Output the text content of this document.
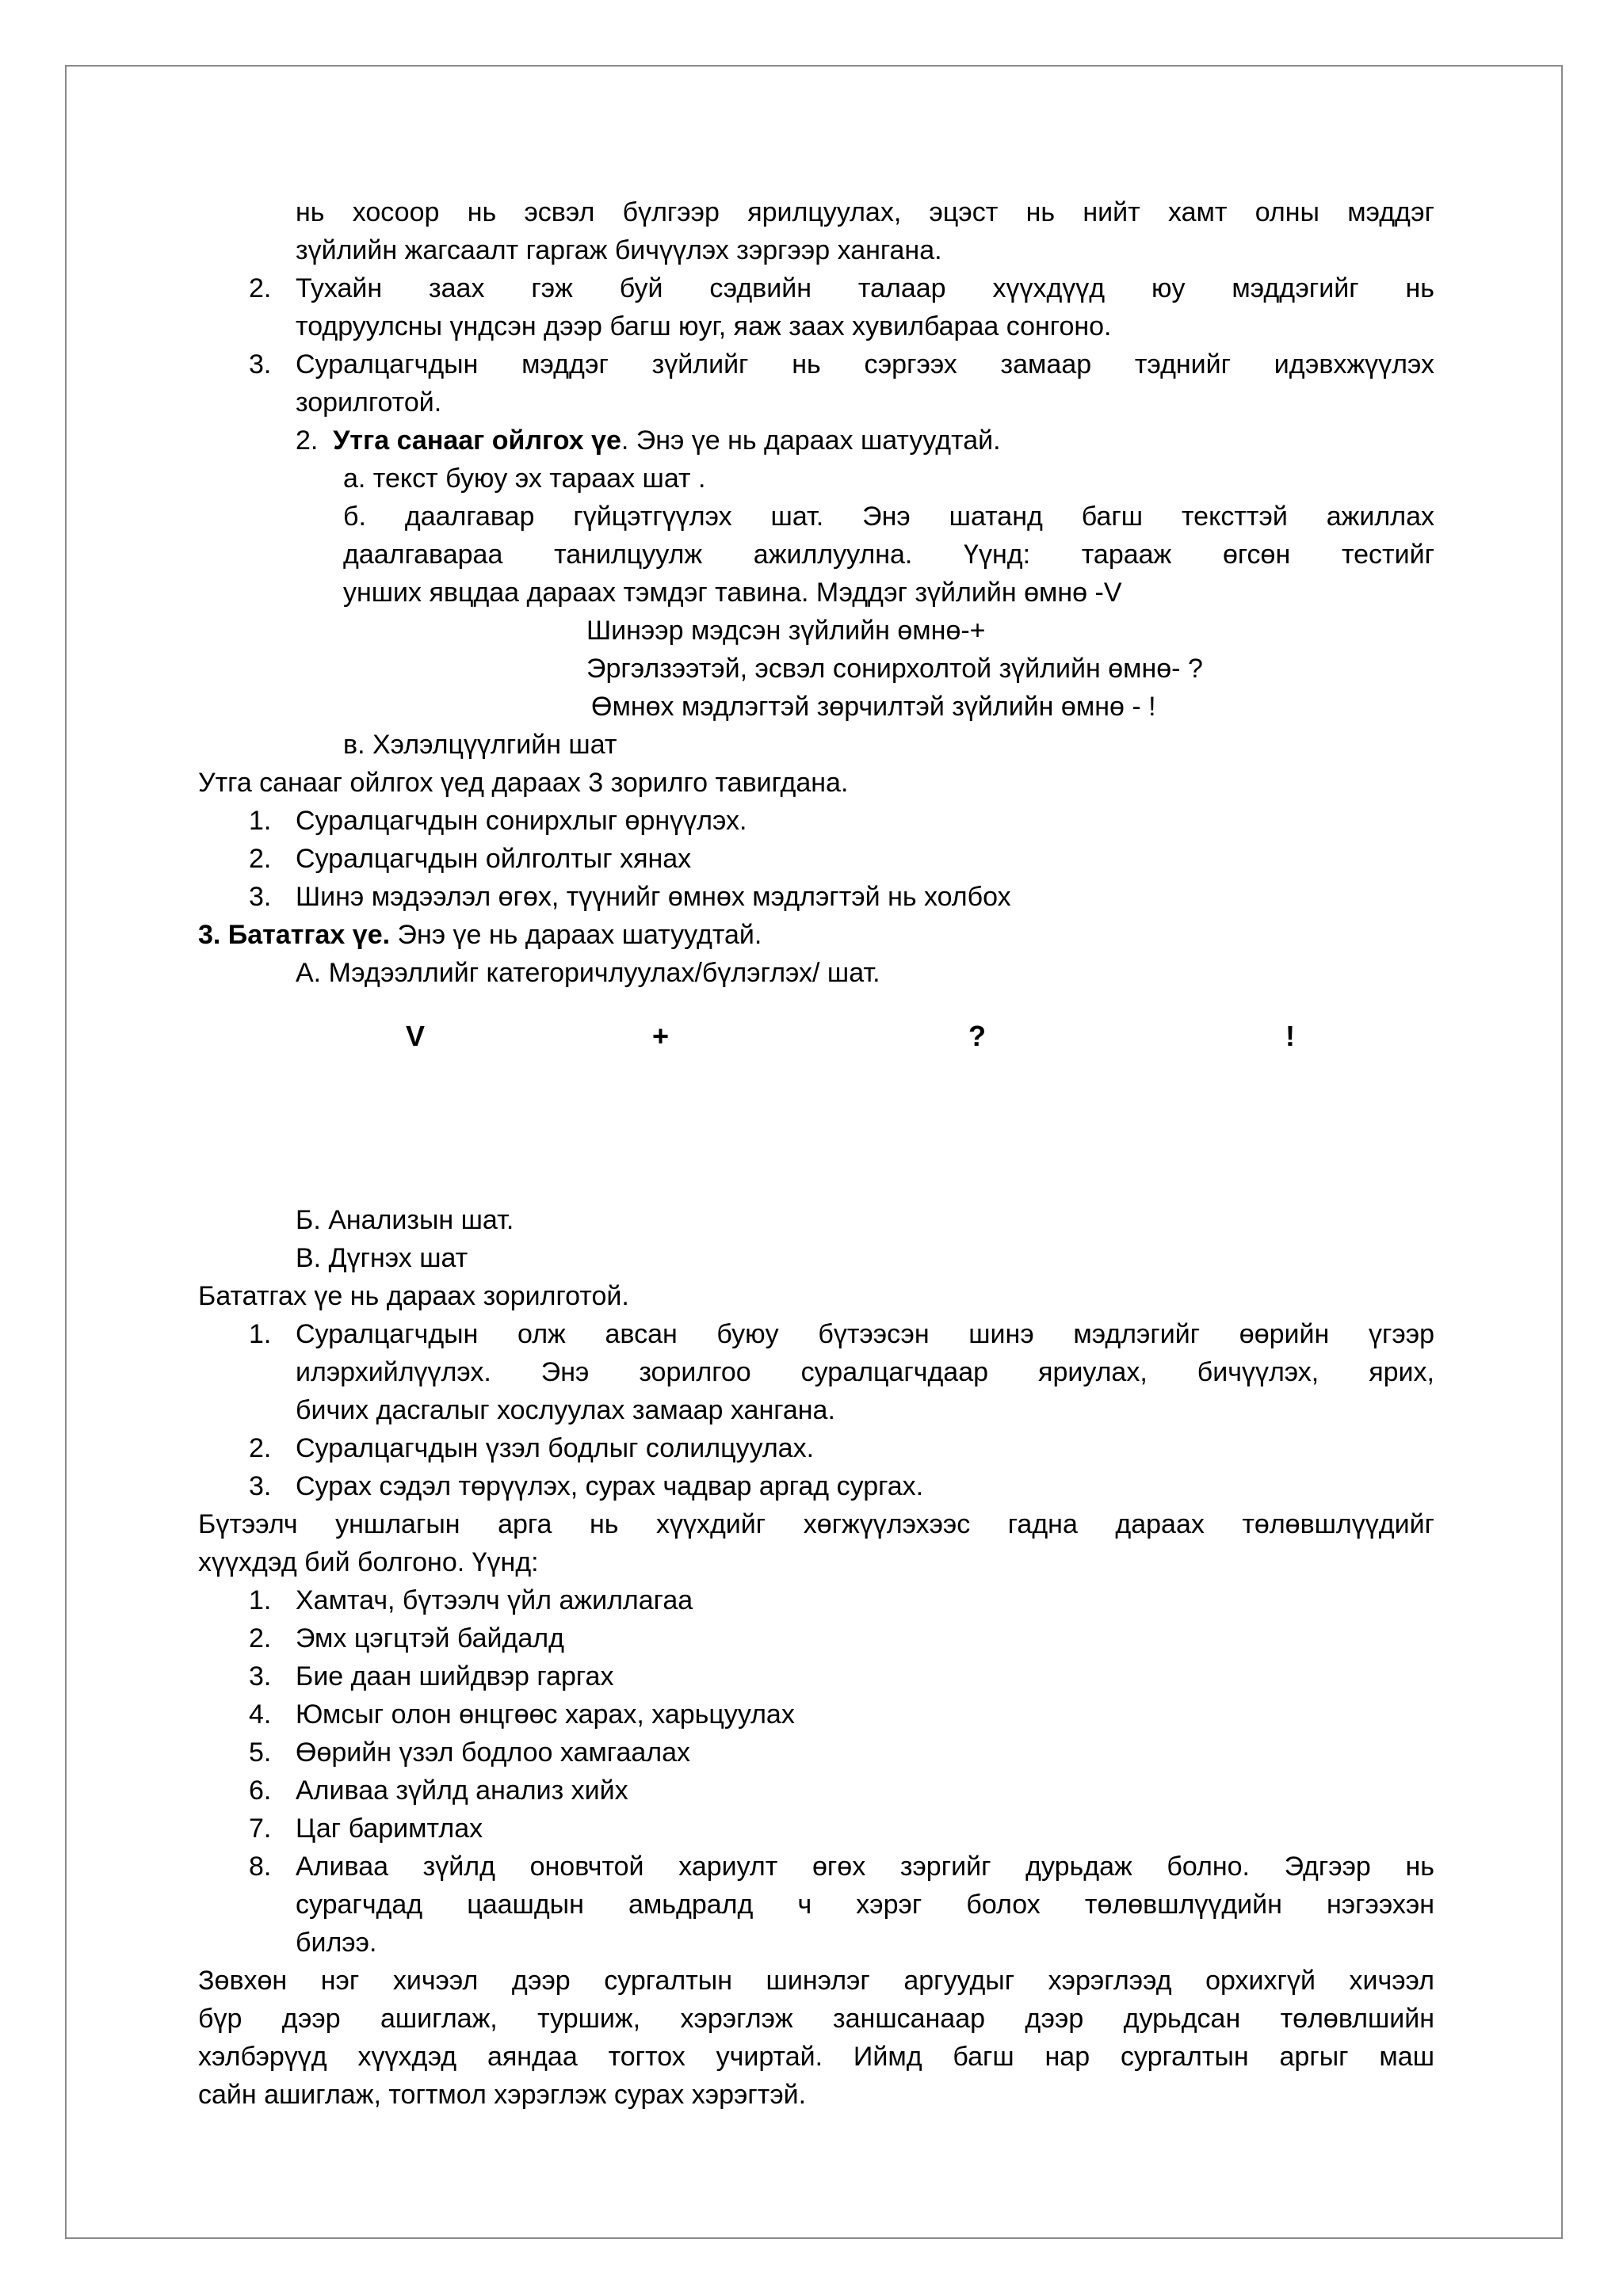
нь хосоор нь эсвэл бүлгээр ярилцуулах, эцэст нь нийт хамт олны мэддэг
зүйлийн жагсаалт гаргаж бичүүлэх зэргээр хангана.
2. Тухайн заах гэж буй сэдвийн талаар хүүхдүүд юу мэддэгийг нь
тодруулсны үндсэн дээр багш юуг, яаж заах хувилбараа сонгоно.
3. Суралцагчдын мэддэг зүйлийг нь сэргээх замаар тэднийг идэвхжүүлэх
зорилготой.
2. Утга санааг ойлгох үе. Энэ үе нь дараах шатуудтай.
а. текст буюу эх тараах шат .
б. даалгавар гүйцэтгүүлэх шат. Энэ шатанд багш тексттэй ажиллах
даалгавараа танилцуулж ажиллуулна. Үүнд: тарааж өгсөн тестийг
унших явцдаа дараах тэмдэг тавина. Мэддэг зүйлийн өмнө -V
Шинээр мэдсэн зүйлийн өмнө-+
Эргэлзээтэй, эсвэл сонирхолтой зүйлийн өмнө- ?
Өмнөх мэдлэгтэй зөрчилтэй зүйлийн өмнө - !
в. Хэлэлцүүлгийн шат
Утга санааг ойлгох үед дараах 3 зорилго тавигдана.
1. Суралцагчдын сонирхлыг өрнүүлэх.
2. Суралцагчдын ойлголтыг хянах
3. Шинэ мэдээлэл өгөх, түүнийг өмнөх мэдлэгтэй нь холбох
3. Бататгах үе. Энэ үе нь дараах шатуудтай.
А. Мэдээллийг категоричлуулах/бүлэглэх/ шат.
V	+	?	!
Б. Анализын шат.
В. Дүгнэх шат
Бататгах үе нь дараах зорилготой.
1. Суралцагчдын олж авсан буюу бүтээсэн шинэ мэдлэгийг өөрийн үгээр
илэрхийлүүлэх. Энэ зорилгоо суралцагчдаар яриулах, бичүүлэх, ярих,
бичих дасгалыг хослуулах замаар хангана.
2. Суралцагчдын үзэл бодлыг солилцуулах.
3. Сурах сэдэл төрүүлэх, сурах чадвар аргад сургах.
Бүтээлч уншлагын арга нь хүүхдийг хөгжүүлэхээс гадна дараах төлөвшлүүдийг
хүүхдэд бий болгоно. Үүнд:
1. Хамтач, бүтээлч үйл ажиллагаа
2. Эмх цэгцтэй байдалд
3. Бие даан шийдвэр гаргах
4. Юмсыг олон өнцгөөс харах, харьцуулах
5. Өөрийн үзэл бодлоо хамгаалах
6. Аливаа зүйлд анализ хийх
7. Цаг баримтлах
8. Аливаа зүйлд оновчтой хариулт өгөх зэргийг дурьдаж болно. Эдгээр нь
сурагчдад цаашдын амьдралд ч хэрэг болох төлөвшлүүдийн нэгээхэн
билээ.
Зөвхөн нэг хичээл дээр сургалтын шинэлэг аргуудыг хэрэглээд орхихгүй хичээл
бүр дээр ашиглаж, туршиж, хэрэглэж заншсанаар дээр дурьдсан төлөвлшийн
хэлбэрүүд хүүхдэд аяндаа тогтох учиртай. Иймд багш нар сургалтын аргыг маш
сайн ашиглаж, тогтмол хэрэглэж сурах хэрэгтэй.
